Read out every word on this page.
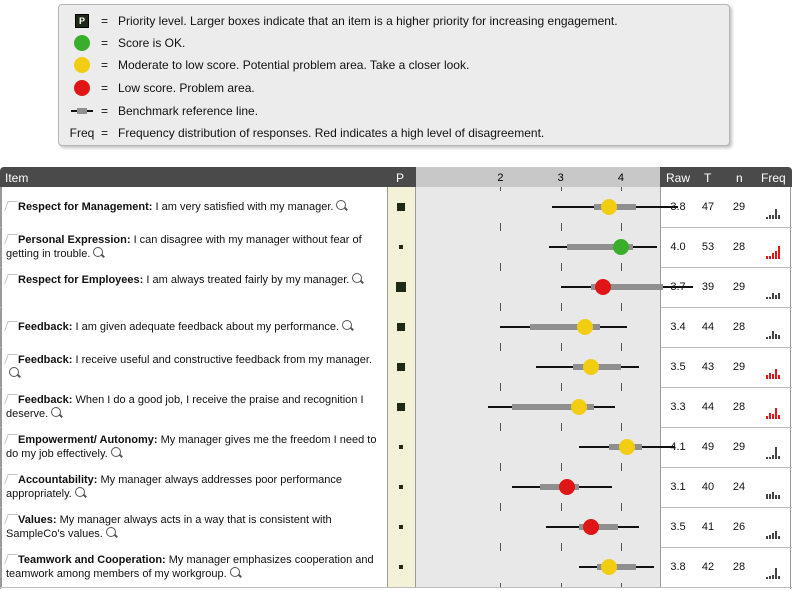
P	= Priority level. Larger boxes indicate that an item is a higher priority for increasing engagement.
= Score is OK.
= Moderate to low score. Potential problem area. Take a closer look.
= Low score. Problem area.
= Benchmark reference line.
Freq = Frequency distribution of responses. Red indicates a high level of disagreement.
Item	P	2	3	4	Raw T n Freq
Respect for Management: I am very satisfied with my manager.	3.8	47	29
Personal Expression: I can disagree with my manager without fear of getting in trouble.
4.0	53	28
Respect for Employees: I am always treated fairly by my manager.
3.7	39	29
Feedback: I am given adequate feedback about my performance.	3.4	44	28
Feedback: I receive useful and constructive feedback from my manager.
3.5	43	29
Feedback: When I do a good job, I receive the praise and recognition I deserve.
3.3	44	28
Empowerment/ Autonomy: My manager gives me the freedom I need to do my job effectively.
4.1	49	29
Accountability: My manager always addresses poor performance appropriately.
3.1	40	24
Values: My manager always acts in a way that is consistent with SampleCo's values.
3.5	41	26
Teamwork and Cooperation: My manager emphasizes cooperation and teamwork among members of my workgroup.
3.8	42	28
